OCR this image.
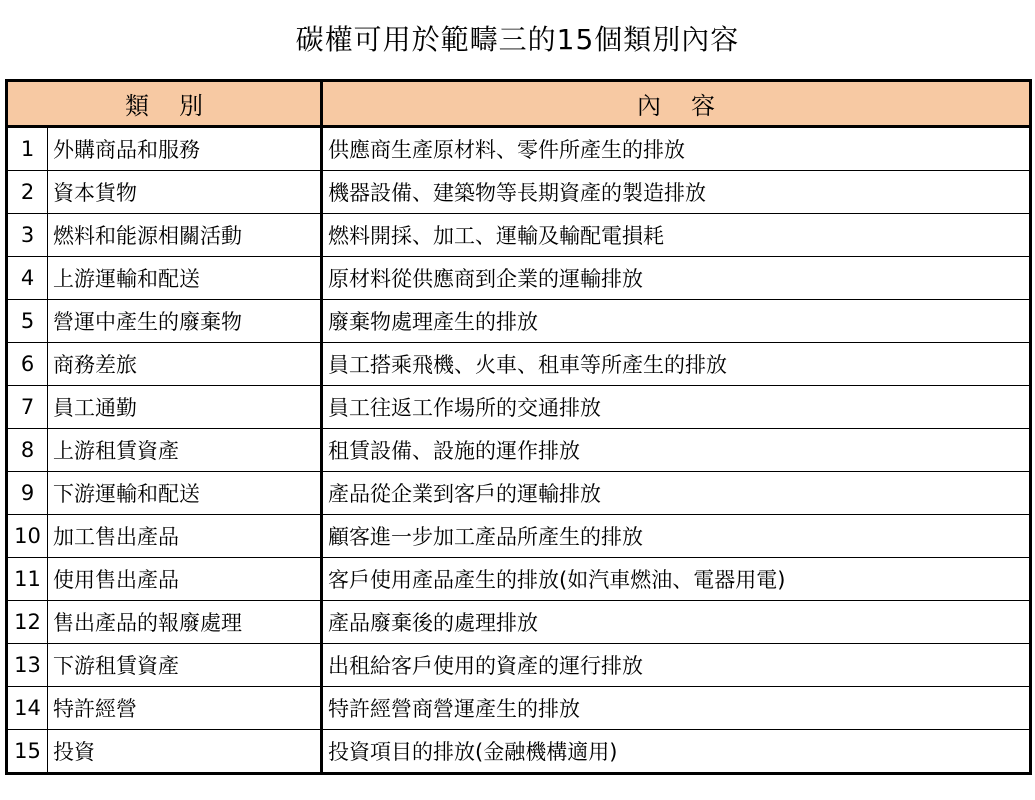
碳權可用於範疇三的15個類別內容
類別		內容
1	外購商品和服務	供應商生產原材料、零件所產生的排放
2	資本貨物	機器設備、建築物等長期資產的製造排放
3	燃料和能源相關活動	燃料開採、加工、運輸及輸配電損耗
4	上游運輸和配送	原材料從供應商到企業的運輸排放
5	營運中產生的廢棄物	廢棄物處理產生的排放
6	商務差旅	員工搭乘飛機、火車、租車等所產生的排放
7	員工通勤	員工往返工作場所的交通排放
8	上游租賃資產	租賃設備、設施的運作排放
9	下游運輸和配送	產品從企業到客戶的運輸排放
10	加工售出產品	顧客進一步加工產品所產生的排放
11	使用售出產品	客戶使用產品產生的排放(如汽車燃油、電器用電)
12	售出產品的報廢處理	產品廢棄後的處理排放
13	下游租賃資產	出租給客戶使用的資產的運行排放
14	特許經營	特許經營商營運產生的排放
15	投資	投資項目的排放(金融機構適用)
